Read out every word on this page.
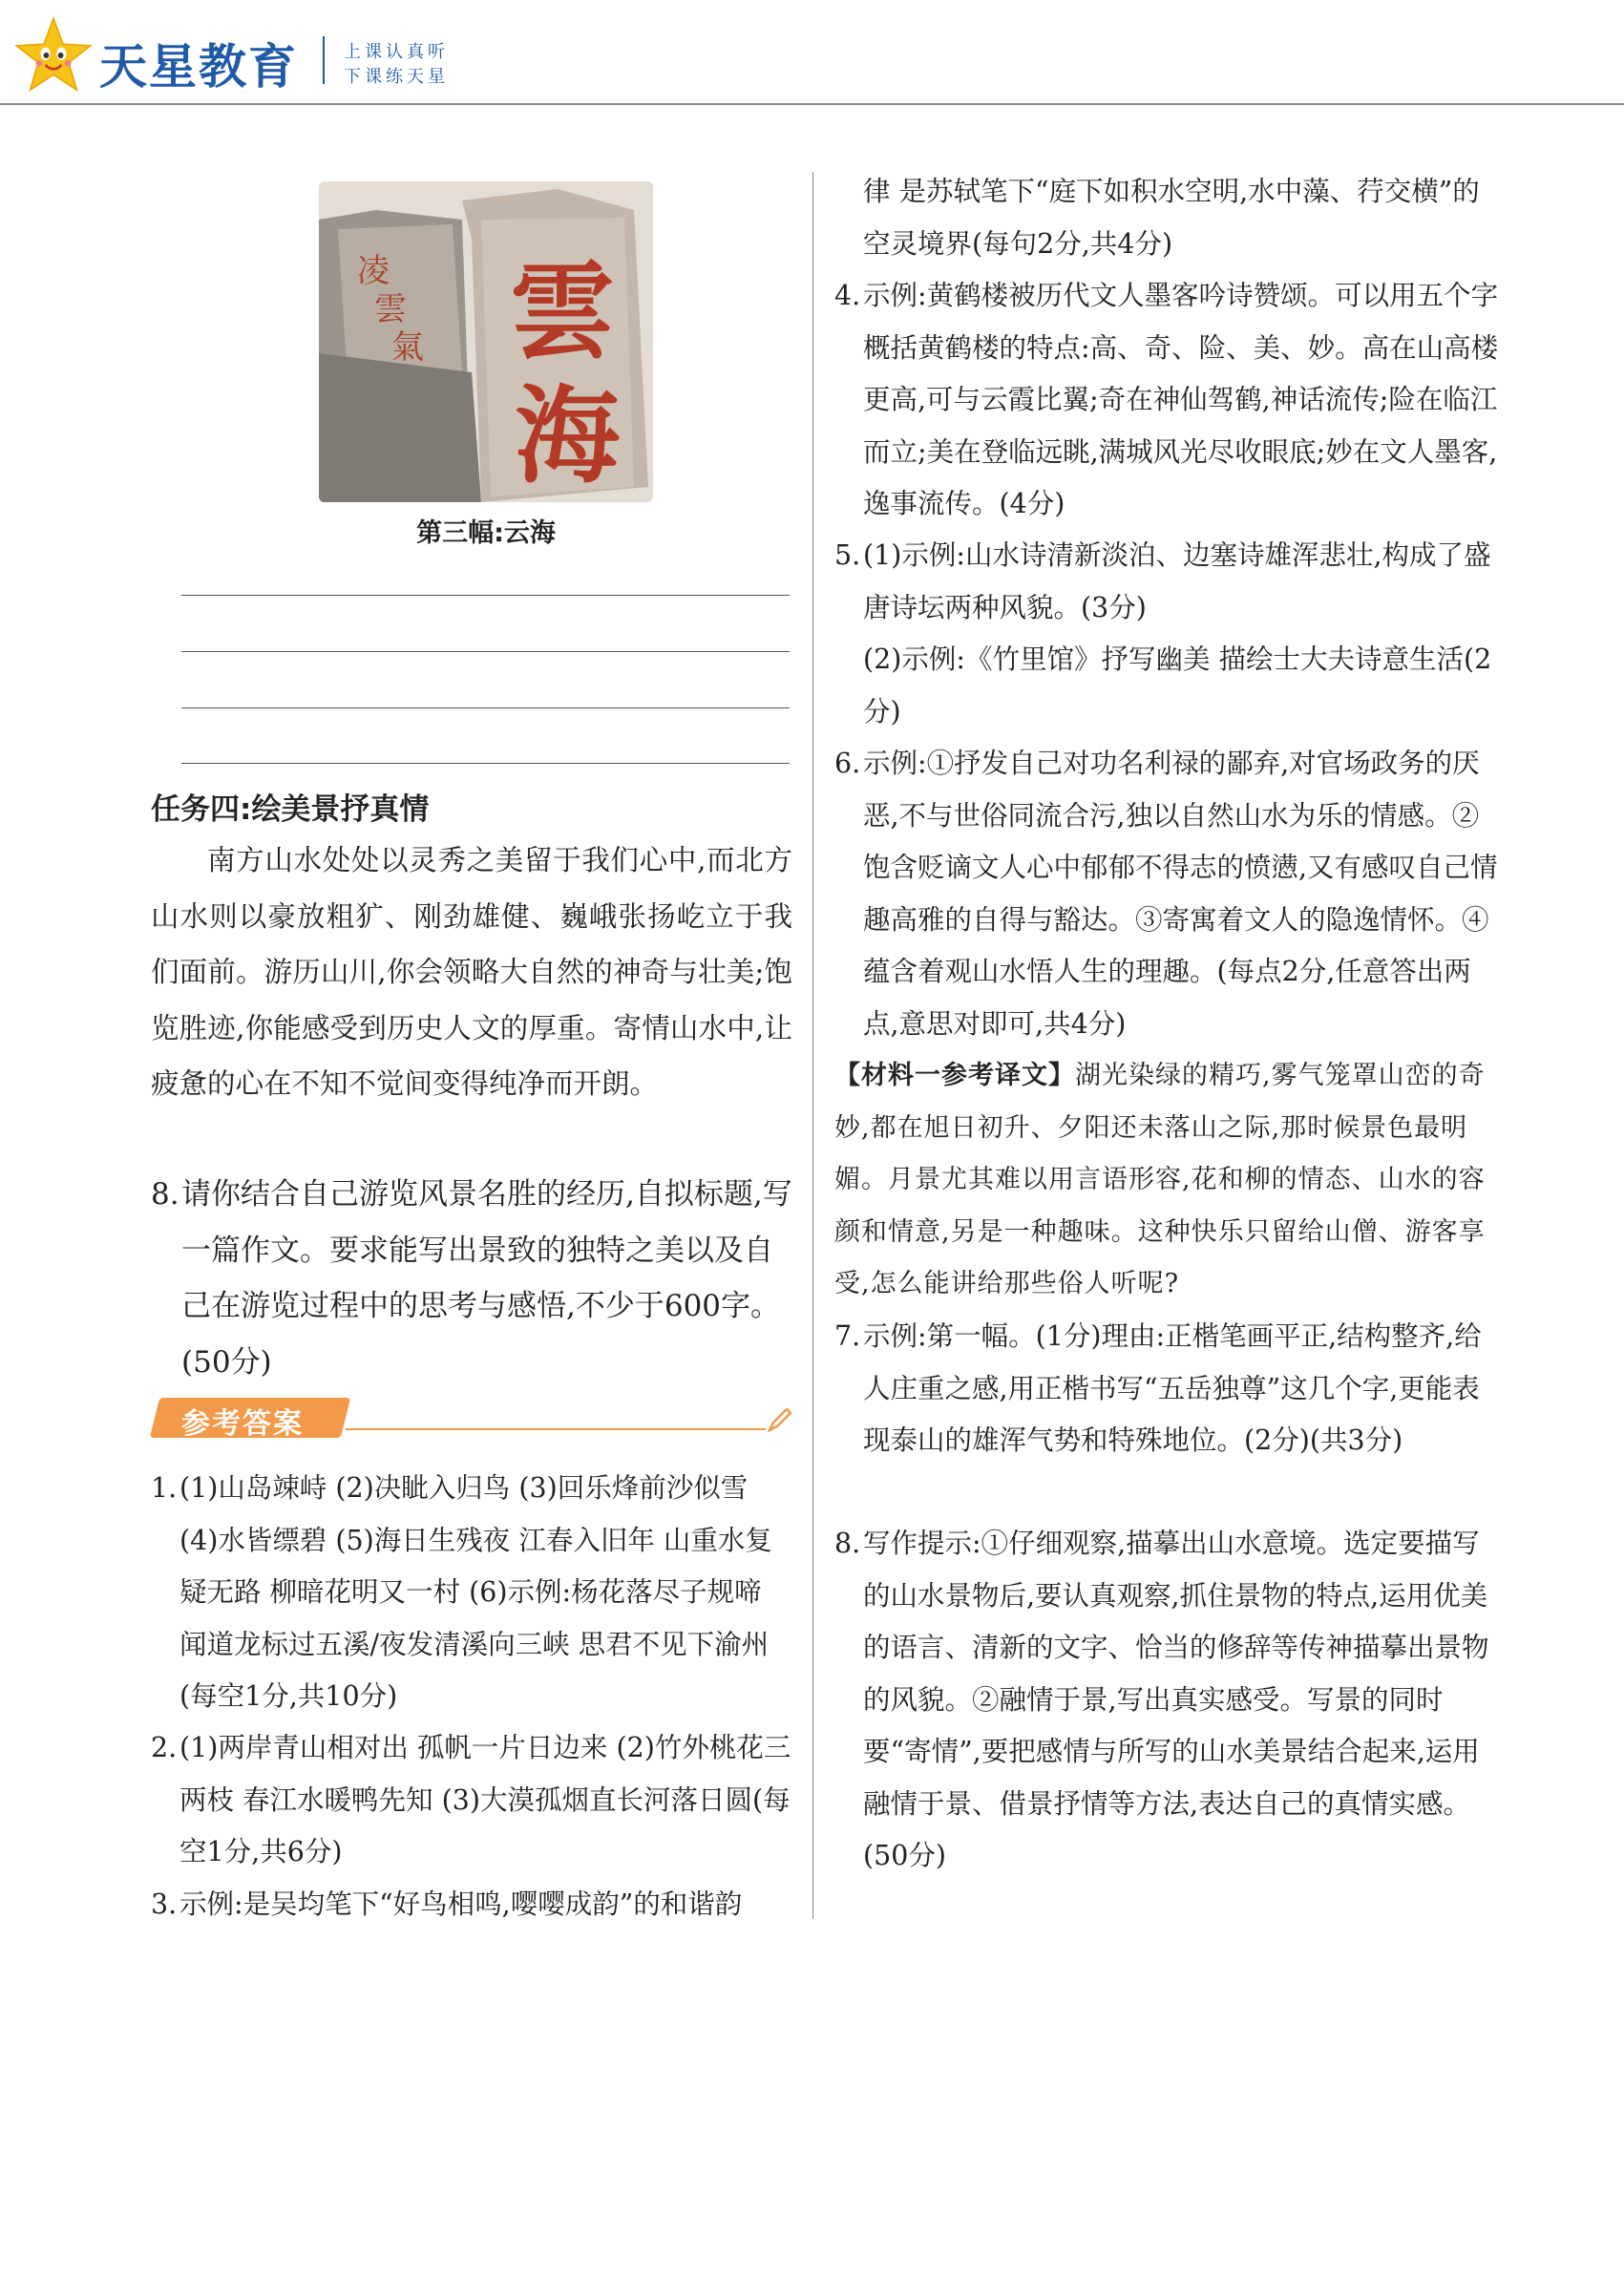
天星教育	上课认真听
下课练天星
雲
海
凌
雲
氣
第三幅:云海
任务四:绘美景抒真情
南方山水处处以灵秀之美留于我们心中,而北方山水则以豪放粗犷、刚劲雄健、巍峨张扬屹立于我们面前。游历山川,你会领略大自然的神奇与壮美;饱览胜迹,你能感受到历史人文的厚重。寄情山水中,让疲惫的心在不知不觉间变得纯净而开朗。
8. 请你结合自己游览风景名胜的经历,自拟标题,写一篇作文。要求能写出景致的独特之美以及自己在游览过程中的思考与感悟,不少于600字。(50分)
参考答案
1. (1)山岛竦峙 (2)决眦入归鸟 (3)回乐烽前沙似雪 (4)水皆缥碧 (5)海日生残夜 江春入旧年 山重水复疑无路 柳暗花明又一村 (6)示例:杨花落尽子规啼 闻道龙标过五溪/夜发清溪向三峡 思君不见下渝州(每空1分,共10分)
2. (1)两岸青山相对出 孤帆一片日边来 (2)竹外桃花三两枝 春江水暖鸭先知 (3)大漠孤烟直长河落日圆(每空1分,共6分)
3. 示例:是吴均笔下“好鸟相鸣,嘤嘤成韵”的和谐韵
律 是苏轼笔下“庭下如积水空明,水中藻、荇交横”的空灵境界(每句2分,共4分)
4. 示例:黄鹤楼被历代文人墨客吟诗赞颂。可以用五个字概括黄鹤楼的特点:高、奇、险、美、妙。高在山高楼更高,可与云霞比翼;奇在神仙驾鹤,神话流传;险在临江而立;美在登临远眺,满城风光尽收眼底;妙在文人墨客,逸事流传。(4分)
5. (1)示例:山水诗清新淡泊、边塞诗雄浑悲壮,构成了盛唐诗坛两种风貌。(3分)
(2)示例:《竹里馆》抒写幽美 描绘士大夫诗意生活(2分)
6. 示例:①抒发自己对功名利禄的鄙弃,对官场政务的厌恶,不与世俗同流合污,独以自然山水为乐的情感。②饱含贬谪文人心中郁郁不得志的愤懑,又有感叹自己情趣高雅的自得与豁达。③寄寓着文人的隐逸情怀。④蕴含着观山水悟人生的理趣。(每点2分,任意答出两点,意思对即可,共4分)
【材料一参考译文】湖光染绿的精巧,雾气笼罩山峦的奇妙,都在旭日初升、夕阳还未落山之际,那时候景色最明媚。月景尤其难以用言语形容,花和柳的情态、山水的容颜和情意,另是一种趣味。这种快乐只留给山僧、游客享受,怎么能讲给那些俗人听呢?
7. 示例:第一幅。(1分)理由:正楷笔画平正,结构整齐,给人庄重之感,用正楷书写“五岳独尊”这几个字,更能表现泰山的雄浑气势和特殊地位。(2分)(共3分)
8. 写作提示:①仔细观察,描摹出山水意境。选定要描写的山水景物后,要认真观察,抓住景物的特点,运用优美的语言、清新的文字、恰当的修辞等传神描摹出景物的风貌。②融情于景,写出真实感受。写景的同时要“寄情”,要把感情与所写的山水美景结合起来,运用融情于景、借景抒情等方法,表达自己的真情实感。(50分)
